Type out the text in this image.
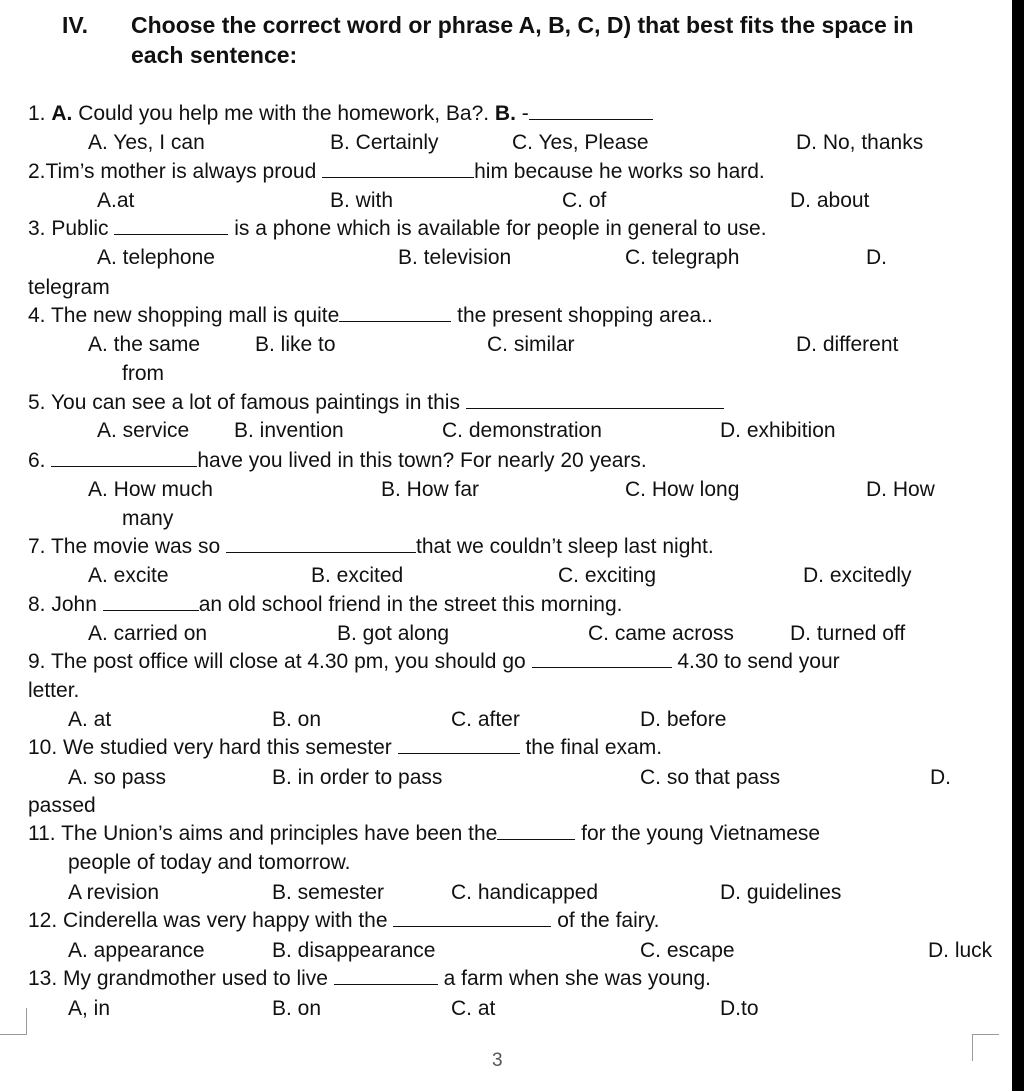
IV. Choose the correct word or phrase A, B, C, D) that best fits the space in
each sentence:
1. A. Could you help me with the homework, Ba?. B. -
A. Yes, I can	B. Certainly	C. Yes, Please	D. No, thanks
2.Tim’s mother is always proud	him because he works so hard.
A.at	B. with	C. of	D. about
3. Public	is a phone which is available for people in general to use.
A. telephone	B. television	C. telegraph	D.
telegram
4. The new shopping mall is quite	the present shopping area..
A. the same	B. like to	C. similar	D. different
from
5. You can see a lot of famous paintings in this
A. service B. invention	C. demonstration	D. exhibition
6.	have you lived in this town? For nearly 20 years.
A. How much	B. How far	C. How long	D. How
many
7. The movie was so	that we couldn’t sleep last night.
A. excite	B. excited	C. exciting	D. excitedly
8. John	an old school friend in the street this morning.
A. carried on	B. got along	C. came across	D. turned off
9. The post office will close at 4.30 pm, you should go	4.30 to send your
letter.
A. at	B. on	C. after	D. before
10. We studied very hard this semester	the final exam.
A. so pass	B. in order to pass	C. so that pass	D.
passed
11. The Union’s aims and principles have been the	for the young Vietnamese
people of today and tomorrow.
A revision	B. semester	C. handicapped	D. guidelines
12. Cinderella was very happy with the	of the fairy.
A. appearance	B. disappearance	C. escape	D. luck
13. My grandmother used to live	a farm when she was young.
A, in	B. on	C. at	D.to
3
